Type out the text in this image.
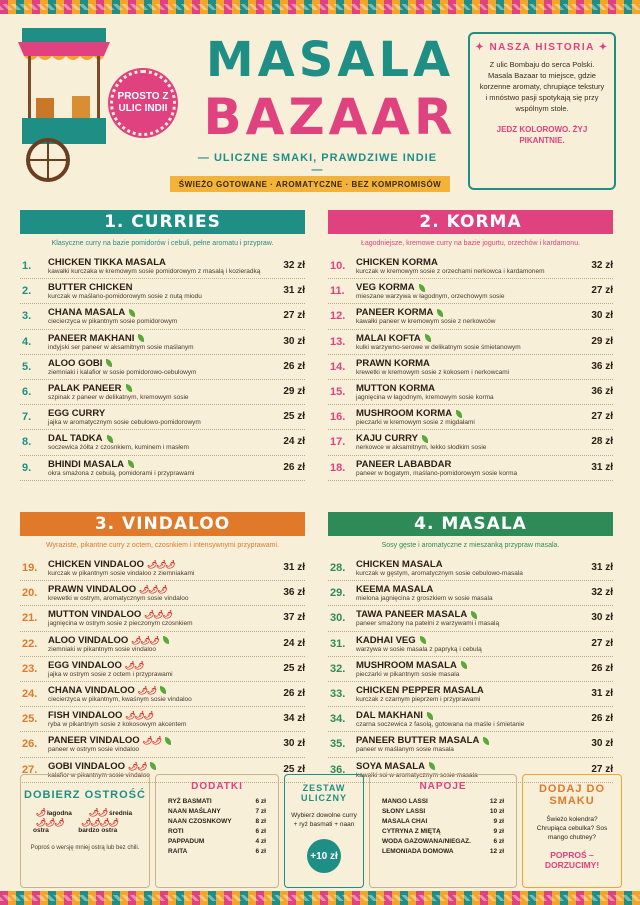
PROSTO Z ULIC INDII
MASALA
BAZAAR
— ULICZNE SMAKI, PRAWDZIWE INDIE —
ŚWIEŻO GOTOWANE · AROMATYCZNE · BEZ KOMPROMISÓW
✦ NASZA HISTORIA ✦

Z ulic Bombaju do serca Polski. Masala Bazaar to miejsce, gdzie korzenne aromaty, chrupiące tekstury i mnóstwo pasji spotykają się przy wspólnym stole.

JEDZ KOLOROWO. ŻYJ PIKANTNIE.

1. CURRIES
Klasyczne curry na bazie pomidorów i cebuli, pełne aromatu i przypraw.
1.	CHICKEN TIKKA MASALA
kawałki kurczaka w kremowym sosie pomidorowym z masalą i kozieradką
32 zł
2.	BUTTER CHICKEN
kurczak w maślano-pomidorowym sosie z nutą miodu
31 zł
3.	CHANA MASALA
ciecierzyca w pikantnym sosie pomidorowym
27 zł
4.	PANEER MAKHANI
indyjski ser paneer w aksamitnym sosie maślanym
30 zł
5.	ALOO GOBI
ziemniaki i kalafior w sosie pomidorowo-cebulowym
26 zł
6.	PALAK PANEER
szpinak z paneer w delikatnym, kremowym sosie
29 zł
7.	EGG CURRY
jajka w aromatycznym sosie cebulowo-pomidorowym
25 zł
8.	DAL TADKA
soczewica żółta z czosnkiem, kuminem i masłem
24 zł
9.	BHINDI MASALA
okra smażona z cebulą, pomidorami i przyprawami
26 zł
2. KORMA
Łagodniejsze, kremowe curry na bazie jogurtu, orzechów i kardamonu.
10.	CHICKEN KORMA
kurczak w kremowym sosie z orzechami nerkowca i kardamonem
32 zł
11.	VEG KORMA
mieszane warzywa w łagodnym, orzechowym sosie
27 zł
12.	PANEER KORMA
kawałki paneer w kremowym sosie z nerkowców
30 zł
13.	MALAI KOFTA
kulki warzywno-serowe w delikatnym sosie śmietanowym
29 zł
14.	PRAWN KORMA
krewetki w kremowym sosie z kokosem i nerkowcami
36 zł
15.	MUTTON KORMA
jagnięcina w łagodnym, kremowym sosie korma
36 zł
16.	MUSHROOM KORMA
pieczarki w kremowym sosie z migdałami
27 zł
17.	KAJU CURRY
nerkowce w aksamitnym, lekko słodkim sosie
28 zł
18.	PANEER LABABDAR
paneer w bogatym, maślano-pomidorowym sosie korma
31 zł
3. VINDALOO
Wyraziste, pikantne curry z octem, czosnkiem i intensywnymi przyprawami.
19.	CHICKEN VINDALOO 🌶🌶🌶
kurczak w pikantnym sosie vindaloo z ziemniakami
31 zł
20.	PRAWN VINDALOO 🌶🌶🌶
krewetki w ostrym, aromatycznym sosie vindaloo
36 zł
21.	MUTTON VINDALOO 🌶🌶🌶
jagnięcina w ostrym sosie z pieczonym czosnkiem
37 zł
22.	ALOO VINDALOO 🌶🌶🌶
ziemniaki w pikantnym sosie vindaloo
24 zł
23.	EGG VINDALOO 🌶🌶
jajka w ostrym sosie z octem i przyprawami
25 zł
24.	CHANA VINDALOO 🌶🌶
ciecierzyca w pikantnym, kwaśnym sosie vindaloo
26 zł
25.	FISH VINDALOO 🌶🌶🌶
ryba w pikantnym sosie z kokosowym akcentem
34 zł
26.	PANEER VINDALOO 🌶🌶
paneer w ostrym sosie vindaloo
30 zł
27.	GOBI VINDALOO 🌶🌶
kalafior w pikantnym sosie vindaloo
25 zł
4. MASALA
Sosy gęste i aromatyczne z mieszanką przypraw masala.
28.	CHICKEN MASALA
kurczak w gęstym, aromatycznym sosie cebulowo-masala
31 zł
29.	KEEMA MASALA
mielona jagnięcina z groszkiem w sosie masala
32 zł
30.	TAWA PANEER MASALA
paneer smażony na patelni z warzywami i masalą
30 zł
31.	KADHAI VEG
warzywa w sosie masala z papryką i cebulą
27 zł
32.	MUSHROOM MASALA
pieczarki w pikantnym sosie masala
26 zł
33.	CHICKEN PEPPER MASALA
kurczak z czarnym pieprzem i przyprawami
31 zł
34.	DAL MAKHANI
czarna soczewica z fasolą, gotowana na maśle i śmietanie
26 zł
35.	PANEER BUTTER MASALA
paneer w maślanym sosie masala
30 zł
36.	SOYA MASALA
kawałki soi w aromatycznym sosie masala
27 zł
DOBIERZ OSTROŚĆ
🌶 łagodna	🌶🌶 średnia
🌶🌶🌶 ostra
🌶🌶🌶🌶 bardzo ostra
Poproś o wersję mniej ostrą lub bez chili.
DODATKI
RYŻ BASMATI	6 zł
NAAN MAŚLANY	7 zł
NAAN CZOSNKOWY	8 zł
ROTI	6 zł
PAPPADUM	4 zł
RAITA	6 zł
ZESTAW ULICZNY
Wybierz dowolne curry + ryż basmati + naan
+10 zł
NAPOJE
MANGO LASSI	12 zł
SŁONY LASSI	10 zł
MASALA CHAI	9 zł
CYTRYNA Z MIĘTĄ	9 zł
WODA GAZOWANA/NIEGAZ.	6 zł
LEMONIADA DOMOWA	12 zł
DODAJ DO SMAKU
Świeżo kolendra? Chrupiąca cebulka? Sos mango chutney?
POPROŚ – DORZUCIMY!
